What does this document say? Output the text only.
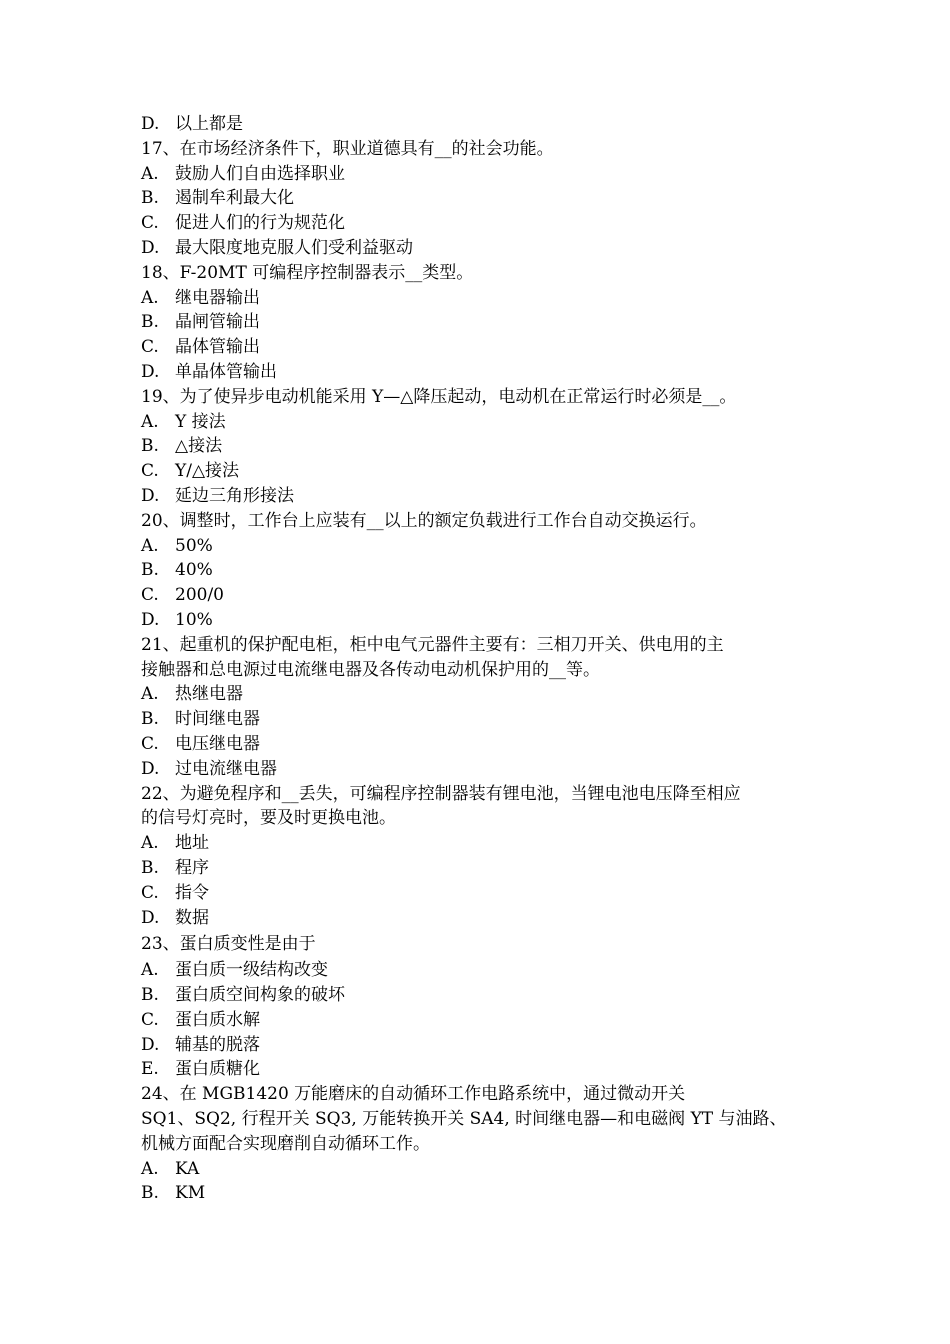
D. 以上都是
17、在市场经济条件下，职业道德具有__的社会功能。
A. 鼓励人们自由选择职业
B. 遏制牟利最大化
C. 促进人们的行为规范化
D. 最大限度地克服人们受利益驱动
18、F-20MT 可编程序控制器表示__类型。
A. 继电器输出
B. 晶闸管输出
C. 晶体管输出
D. 单晶体管输出
19、为了使异步电动机能采用 Y—△降压起动，电动机在正常运行时必须是__。
A. Y 接法
B. △接法
C. Y/△接法
D. 延边三角形接法
20、调整时，工作台上应装有__以上的额定负载进行工作台自动交换运行。
A. 50%
B. 40%
C. 200/0
D. 10%
21、起重机的保护配电柜，柜中电气元器件主要有：三相刀开关、供电用的主
接触器和总电源过电流继电器及各传动电动机保护用的__等。
A. 热继电器
B. 时间继电器
C. 电压继电器
D. 过电流继电器
22、为避免程序和__丢失，可编程序控制器装有锂电池，当锂电池电压降至相应
的信号灯亮时，要及时更换电池。
A. 地址
B. 程序
C. 指令
D. 数据
23、蛋白质变性是由于
A. 蛋白质一级结构改变
B. 蛋白质空间构象的破坏
C. 蛋白质水解
D. 辅基的脱落
E. 蛋白质糖化
24、在 MGB1420 万能磨床的自动循环工作电路系统中，通过微动开关
SQ1、SQ2, 行程开关 SQ3, 万能转换开关 SA4, 时间继电器—和电磁阀 YT 与油路、
机械方面配合实现磨削自动循环工作。
A. KA
B. KM
